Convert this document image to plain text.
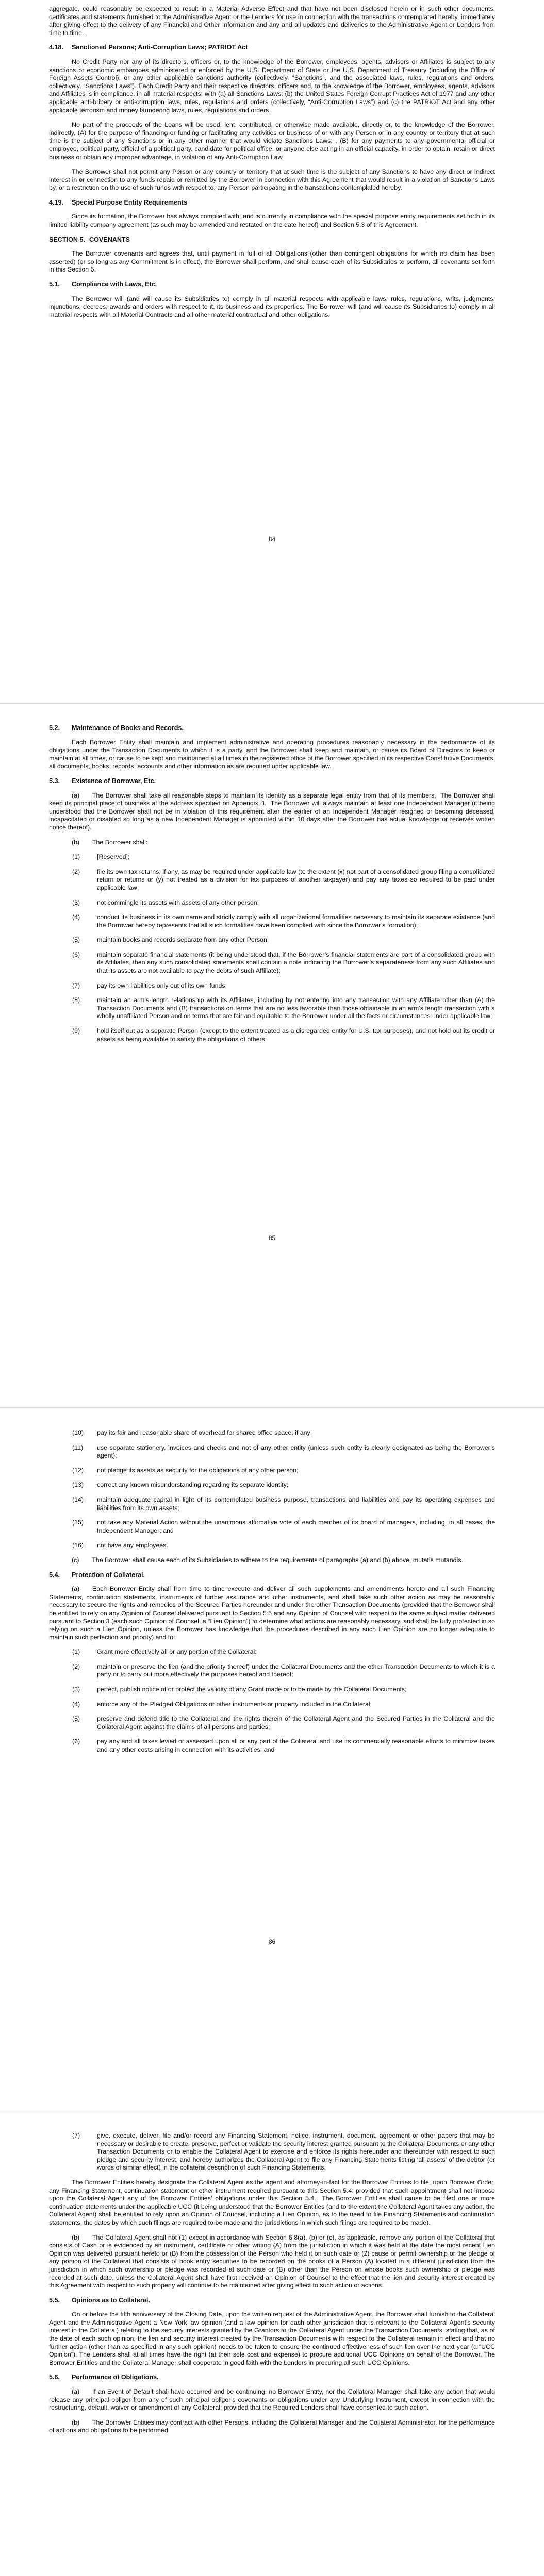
aggregate, could reasonably be expected to result in a Material Adverse Effect and that have not been disclosed herein or in such other documents, certificates and statements furnished to the Administrative Agent or the Lenders for use in connection with the transactions contemplated hereby, immediately after giving effect to the delivery of any Financial and Other Information and any and all updates and deliveries to the Administrative Agent or Lenders from time to time.

4.18. Sanctioned Persons; Anti-Corruption Laws; PATRIOT Act

No Credit Party nor any of its directors, officers or, to the knowledge of the Borrower, employees, agents, advisors or Affiliates is subject to any sanctions or economic embargoes administered or enforced by the U.S. Department of State or the U.S. Department of Treasury (including the Office of Foreign Assets Control), or any other applicable sanctions authority (collectively, “Sanctions”, and the associated laws, rules, regulations and orders, collectively, “Sanctions Laws”). Each Credit Party and their respective directors, officers and, to the knowledge of the Borrower, employees, agents, advisors and Affiliates is in compliance, in all material respects, with (a) all Sanctions Laws; (b) the United States Foreign Corrupt Practices Act of 1977 and any other applicable anti-bribery or anti-corruption laws, rules, regulations and orders (collectively, “Anti-Corruption Laws”) and (c) the PATRIOT Act and any other applicable terrorism and money laundering laws, rules, regulations and orders.

No part of the proceeds of the Loans will be used, lent, contributed, or otherwise made available, directly or, to the knowledge of the Borrower, indirectly, (A) for the purpose of financing or funding or facilitating any activities or business of or with any Person or in any country or territory that at such time is the subject of any Sanctions or in any other manner that would violate Sanctions Laws; , (B) for any payments to any governmental official or employee, political party, official of a political party, candidate for political office, or anyone else acting in an official capacity, in order to obtain, retain or direct business or obtain any improper advantage, in violation of any Anti-Corruption Law.

The Borrower shall not permit any Person or any country or territory that at such time is the subject of any Sanctions to have any direct or indirect interest in or connection to any funds repaid or remitted by the Borrower in connection with this Agreement that would result in a violation of Sanctions Laws by, or a restriction on the use of such funds with respect to, any Person participating in the transactions contemplated hereby.

4.19. Special Purpose Entity Requirements

Since its formation, the Borrower has always complied with, and is currently in compliance with the special purpose entity requirements set forth in its limited liability company agreement (as such may be amended and restated on the date hereof) and Section 5.3 of this Agreement.

SECTION 5. COVENANTS

The Borrower covenants and agrees that, until payment in full of all Obligations (other than contingent obligations for which no claim has been asserted) (or so long as any Commitment is in effect), the Borrower shall perform, and shall cause each of its Subsidiaries to perform, all covenants set forth in this Section 5.

5.1. Compliance with Laws, Etc.

The Borrower will (and will cause its Subsidiaries to) comply in all material respects with applicable laws, rules, regulations, writs, judgments, injunctions, decrees, awards and orders with respect to it, its business and its properties. The Borrower will (and will cause its Subsidiaries to) comply in all material respects with all Material Contracts and all other material contractual and other obligations.

84
5.2. Maintenance of Books and Records.

Each Borrower Entity shall maintain and implement administrative and operating procedures reasonably necessary in the performance of its obligations under the Transaction Documents to which it is a party, and the Borrower shall keep and maintain, or cause its Board of Directors to keep or maintain at all times, or cause to be kept and maintained at all times in the registered office of the Borrower specified in its respective Constitutive Documents, all documents, books, records, accounts and other information as are required under applicable law.

5.3. Existence of Borrower, Etc.

(a)  The Borrower shall take all reasonable steps to maintain its identity as a separate legal entity from that of its members.  The Borrower shall keep its principal place of business at the address specified on Appendix B.  The Borrower will always maintain at least one Independent Manager (it being understood that the Borrower shall not be in violation of this requirement after the earlier of an Independent Manager resigned or becoming deceased, incapacitated or disabled so long as a new Independent Manager is appointed within 10 days after the Borrower has actual knowledge or receives written notice thereof).

(b)  The Borrower shall:

(1)	[Reserved];

(2)	file its own tax returns, if any, as may be required under applicable law (to the extent (x) not part of a consolidated group filing a consolidated return or returns or (y) not treated as a division for tax purposes of another taxpayer) and pay any taxes so required to be paid under applicable law;

(3)	not commingle its assets with assets of any other person;

(4)	conduct its business in its own name and strictly comply with all organizational formalities necessary to maintain its separate existence (and the Borrower hereby represents that all such formalities have been complied with since the Borrower’s formation);

(5)	maintain books and records separate from any other Person;

(6)	maintain separate financial statements (it being understood that, if the Borrower’s financial statements are part of a consolidated group with its Affiliates, then any such consolidated statements shall contain a note indicating the Borrower’s separateness from any such Affiliates and that its assets are not available to pay the debts of such Affiliate);

(7)	pay its own liabilities only out of its own funds;

(8)	maintain an arm’s-length relationship with its Affiliates, including by not entering into any transaction with any Affiliate other than (A) the Transaction Documents and (B) transactions on terms that are no less favorable than those obtainable in an arm’s length transaction with a wholly unaffiliated Person and on terms that are fair and equitable to the Borrower under all the facts or circumstances under applicable law;

(9)	hold itself out as a separate Person (except to the extent treated as a disregarded entity for U.S. tax purposes), and not hold out its credit or assets as being available to satisfy the obligations of others;

85

(10) pay its fair and reasonable share of overhead for shared office space, if any;

(11) use separate stationery, invoices and checks and not of any other entity (unless such entity is clearly designated as being the Borrower’s agent);

(12) not pledge its assets as security for the obligations of any other person;

(13) correct any known misunderstanding regarding its separate identity;

(14) maintain adequate capital in light of its contemplated business purpose, transactions and liabilities and pay its operating expenses and liabilities from its own assets;

(15) not take any Material Action without the unanimous affirmative vote of each member of its board of managers, including, in all cases, the Independent Manager; and

(16) not have any employees.

(c)  The Borrower shall cause each of its Subsidiaries to adhere to the requirements of paragraphs (a) and (b) above, mutatis mutandis.

5.4. Protection of Collateral.

(a)  Each Borrower Entity shall from time to time execute and deliver all such supplements and amendments hereto and all such Financing Statements, continuation statements, instruments of further assurance and other instruments, and shall take such other action as may be reasonably necessary to secure the rights and remedies of the Secured Parties hereunder and under the other Transaction Documents (provided that the Borrower shall be entitled to rely on any Opinion of Counsel delivered pursuant to Section 5.5 and any Opinion of Counsel with respect to the same subject matter delivered pursuant to Section 3 (each such Opinion of Counsel, a “Lien Opinion”) to determine what actions are reasonably necessary, and shall be fully protected in so relying on such a Lien Opinion, unless the Borrower has knowledge that the procedures described in any such Lien Opinion are no longer adequate to maintain such perfection and priority) and to:

(1)	Grant more effectively all or any portion of the Collateral;

(2)	maintain or preserve the lien (and the priority thereof) under the Collateral Documents and the other Transaction Documents to which it is a party or to carry out more effectively the purposes hereof and thereof;

(3)	perfect, publish notice of or protect the validity of any Grant made or to be made by the Collateral Documents;

(4)	enforce any of the Pledged Obligations or other instruments or property included in the Collateral;

(5)	preserve and defend title to the Collateral and the rights therein of the Collateral Agent and the Secured Parties in the Collateral and the Collateral Agent against the claims of all persons and parties;

(6)	pay any and all taxes levied or assessed upon all or any part of the Collateral and use its commercially reasonable efforts to minimize taxes and any other costs arising in connection with its activities; and

86

(7)	give, execute, deliver, file and/or record any Financing Statement, notice, instrument, document, agreement or other papers that may be necessary or desirable to create, preserve, perfect or validate the security interest granted pursuant to the Collateral Documents or any other Transaction Documents or to enable the Collateral Agent to exercise and enforce its rights hereunder and thereunder with respect to such pledge and security interest, and hereby authorizes the Collateral Agent to file any Financing Statements listing ‘all assets’ of the debtor (or words of similar effect) in the collateral description of such Financing Statements.

The Borrower Entities hereby designate the Collateral Agent as the agent and attorney-in-fact for the Borrower Entities to file, upon Borrower Order, any Financing Statement, continuation statement or other instrument required pursuant to this Section 5.4; provided that such appointment shall not impose upon the Collateral Agent any of the Borrower Entities’ obligations under this Section 5.4.  The Borrower Entities shall cause to be filed one or more continuation statements under the applicable UCC (it being understood that the Borrower Entities (and to the extent the Collateral Agent takes any action, the Collateral Agent) shall be entitled to rely upon an Opinion of Counsel, including a Lien Opinion, as to the need to file Financing Statements and continuation statements, the dates by which such filings are required to be made and the jurisdictions in which such filings are required to be made).

(b)  The Collateral Agent shall not (1) except in accordance with Section 6.8(a), (b) or (c), as applicable, remove any portion of the Collateral that consists of Cash or is evidenced by an instrument, certificate or other writing (A) from the jurisdiction in which it was held at the date the most recent Lien Opinion was delivered pursuant hereto or (B) from the possession of the Person who held it on such date or (2) cause or permit ownership or the pledge of any portion of the Collateral that consists of book entry securities to be recorded on the books of a Person (A) located in a different jurisdiction from the jurisdiction in which such ownership or pledge was recorded at such date or (B) other than the Person on whose books such ownership or pledge was recorded at such date, unless the Collateral Agent shall have first received an Opinion of Counsel to the effect that the lien and security interest created by this Agreement with respect to such property will continue to be maintained after giving effect to such action or actions.

5.5. Opinions as to Collateral.

On or before the fifth anniversary of the Closing Date, upon the written request of the Administrative Agent, the Borrower shall furnish to the Collateral Agent and the Administrative Agent a New York law opinion (and a law opinion for each other jurisdiction that is relevant to the Collateral Agent’s security interest in the Collateral) relating to the security interests granted by the Grantors to the Collateral Agent under the Transaction Documents, stating that, as of the date of each such opinion, the lien and security interest created by the Transaction Documents with respect to the Collateral remain in effect and that no further action (other than as specified in any such opinion) needs to be taken to ensure the continued effectiveness of such lien over the next year (a “UCC Opinion”). The Lenders shall at all times have the right (at their sole cost and expense) to procure additional UCC Opinions on behalf of the Borrower. The Borrower Entities and the Collateral Manager shall cooperate in good faith with the Lenders in procuring all such UCC Opinions.

5.6. Performance of Obligations.

(a)  If an Event of Default shall have occurred and be continuing, no Borrower Entity, nor the Collateral Manager shall take any action that would release any principal obligor from any of such principal obligor’s covenants or obligations under any Underlying Instrument, except in connection with the restructuring, default, waiver or amendment of any Collateral; provided that the Required Lenders shall have consented to such action.

(b)  The Borrower Entities may contract with other Persons, including the Collateral Manager and the Collateral Administrator, for the performance of actions and obligations to be performed
